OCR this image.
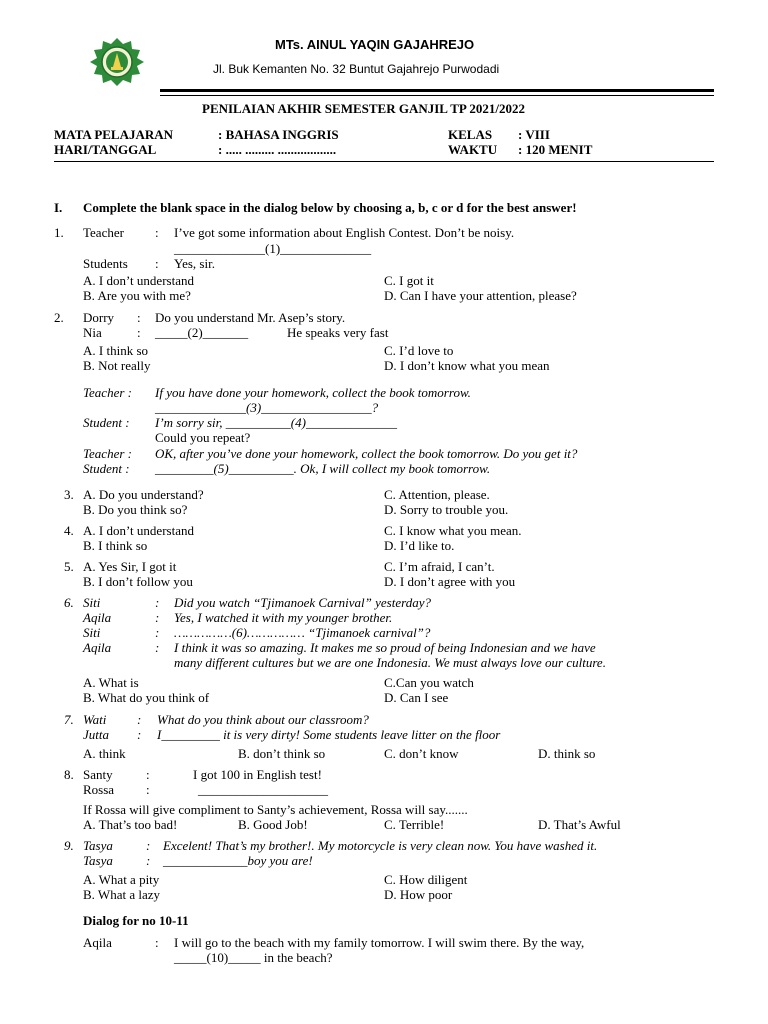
MTs. AINUL YAQIN GAJAHREJO
Jl. Buk Kemanten No. 32 Buntut Gajahrejo Purwodadi
PENILAIAN AKHIR SEMESTER GANJIL TP 2021/2022
MATA PELAJARAN	: BAHASA INGGRIS	KELAS : VIII
HARI/TANGGAL	: ..... ......... ..................	WAKTU : 120 MENIT
I. Complete the blank space in the dialog below by choosing a, b, c or d for the best answer!
1. Teacher : I’ve got some information about English Contest. Don’t be noisy.
______________(1)______________
Students : Yes, sir.
A. I don’t understand	C. I got it
B. Are you with me?	D. Can I have your attention, please?
2. Dorry : Do you understand Mr. Asep’s story.
Nia	: _____(2)_______	He speaks very fast
A. I think so	C. I’d love to
B. Not really	D. I don’t know what you mean
Teacher : If you have done your homework, collect the book tomorrow.
______________(3)_________________?
Student : I’m sorry sir, __________(4)______________
Could you repeat?
Teacher : OK, after you’ve done your homework, collect the book tomorrow. Do you get it?
Student : _________(5)__________. Ok, I will collect my book tomorrow.
3. A. Do you understand?	C. Attention, please.
B. Do you think so?	D. Sorry to trouble you.
4. A. I don’t understand	C. I know what you mean.
B. I think so	D. I’d like to.
5. A. Yes Sir, I got it	C. I’m afraid, I can’t.
B. I don’t follow you	D. I don’t agree with you
6. Siti	: Did you watch “Tjimanoek Carnival” yesterday?
Aqila	: Yes, I watched it with my younger brother.
Siti	: ……………(6)…………… “Tjimanoek carnival”?
Aqila	: I think it was so amazing. It makes me so proud of being Indonesian and we have
many different cultures but we are one Indonesia. We must always love our culture.
A. What is	C.Can you watch
B. What do you think of	D. Can I see
7. Wati : What do you think about our classroom?
Jutta : I_________ it is very dirty! Some students leave litter on the floor
A. think	B. don’t think so	C. don’t know	D. think so
8. Santy	:	I got 100 in English test!
Rossa :	____________________
If Rossa will give compliment to Santy’s achievement, Rossa will say.......
A. That’s too bad!	B. Good Job!	C. Terrible!	D. That’s Awful
9. Tasya	: Excelent! That’s my brother!. My motorcycle is very clean now. You have washed it.
Tasya	: _____________boy you are!
A. What a pity	C. How diligent
B. What a lazy	D. How poor
Dialog for no 10-11
Aqila	: I will go to the beach with my family tomorrow. I will swim there. By the way,
_____(10)_____ in the beach?
